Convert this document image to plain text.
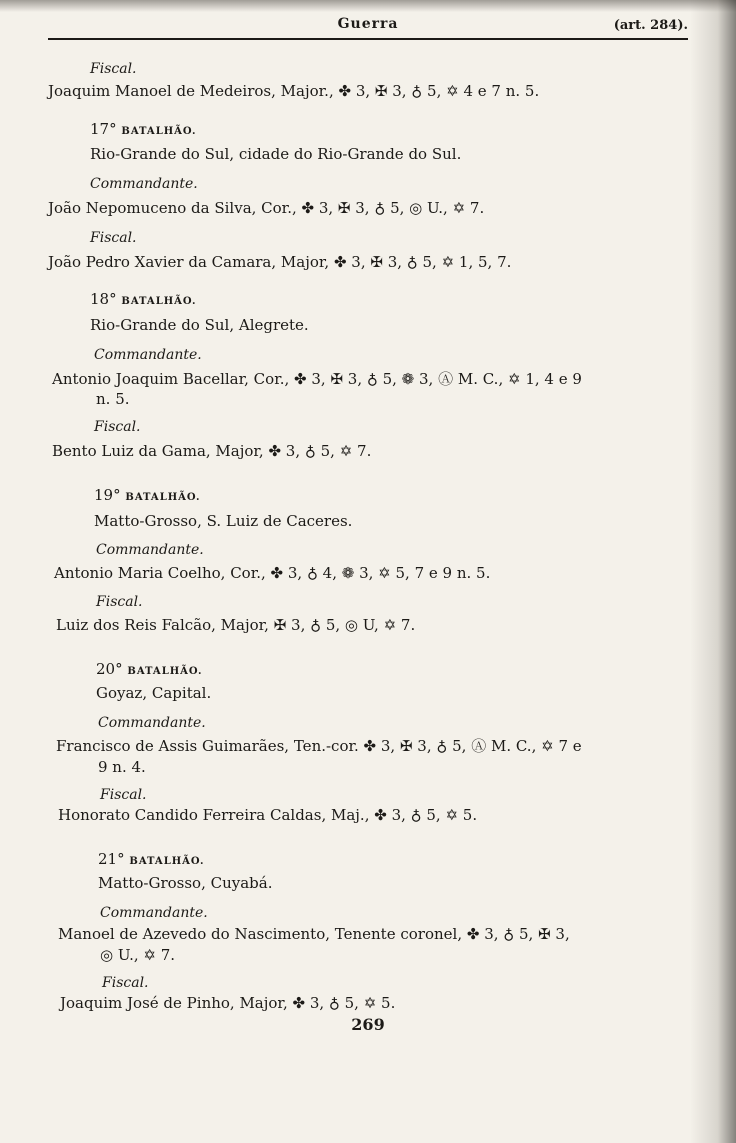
Guerra	(art. 284).
Fiscal.
Joaquim Manoel de Medeiros, Major., ✤ 3, ✠ 3, ♁ 5, ✡ 4 e 7 n. 5.
17° BATALHÃO.
Rio-Grande do Sul, cidade do Rio-Grande do Sul.
Commandante.
João Nepomuceno da Silva, Cor., ✤ 3, ✠ 3, ♁ 5, ◎ U., ✡ 7.
Fiscal.
João Pedro Xavier da Camara, Major, ✤ 3, ✠ 3, ♁ 5, ✡ 1, 5, 7.
18° BATALHÃO.
Rio-Grande do Sul, Alegrete.
Commandante.
Antonio Joaquim Bacellar, Cor., ✤ 3, ✠ 3, ♁ 5, ❁ 3, Ⓐ M. C., ✡ 1, 4 e 9
n. 5.
Fiscal.
Bento Luiz da Gama, Major, ✤ 3, ♁ 5, ✡ 7.
19° BATALHÃO.
Matto-Grosso, S. Luiz de Caceres.
Commandante.
Antonio Maria Coelho, Cor., ✤ 3, ♁ 4, ❁ 3, ✡ 5, 7 e 9 n. 5.
Fiscal.
Luiz dos Reis Falcão, Major, ✠ 3, ♁ 5, ◎ U, ✡ 7.
20° BATALHÃO.
Goyaz, Capital.
Commandante.
Francisco de Assis Guimarães, Ten.-cor. ✤ 3, ✠ 3, ♁ 5, Ⓐ M. C., ✡ 7 e
9 n. 4.
Fiscal.
Honorato Candido Ferreira Caldas, Maj., ✤ 3, ♁ 5, ✡ 5.
21° BATALHÃO.
Matto-Grosso, Cuyabá.
Commandante.
Manoel de Azevedo do Nascimento, Tenente coronel, ✤ 3, ♁ 5, ✠ 3,
◎ U., ✡ 7.
Fiscal.
Joaquim José de Pinho, Major, ✤ 3, ♁ 5, ✡ 5.
269
